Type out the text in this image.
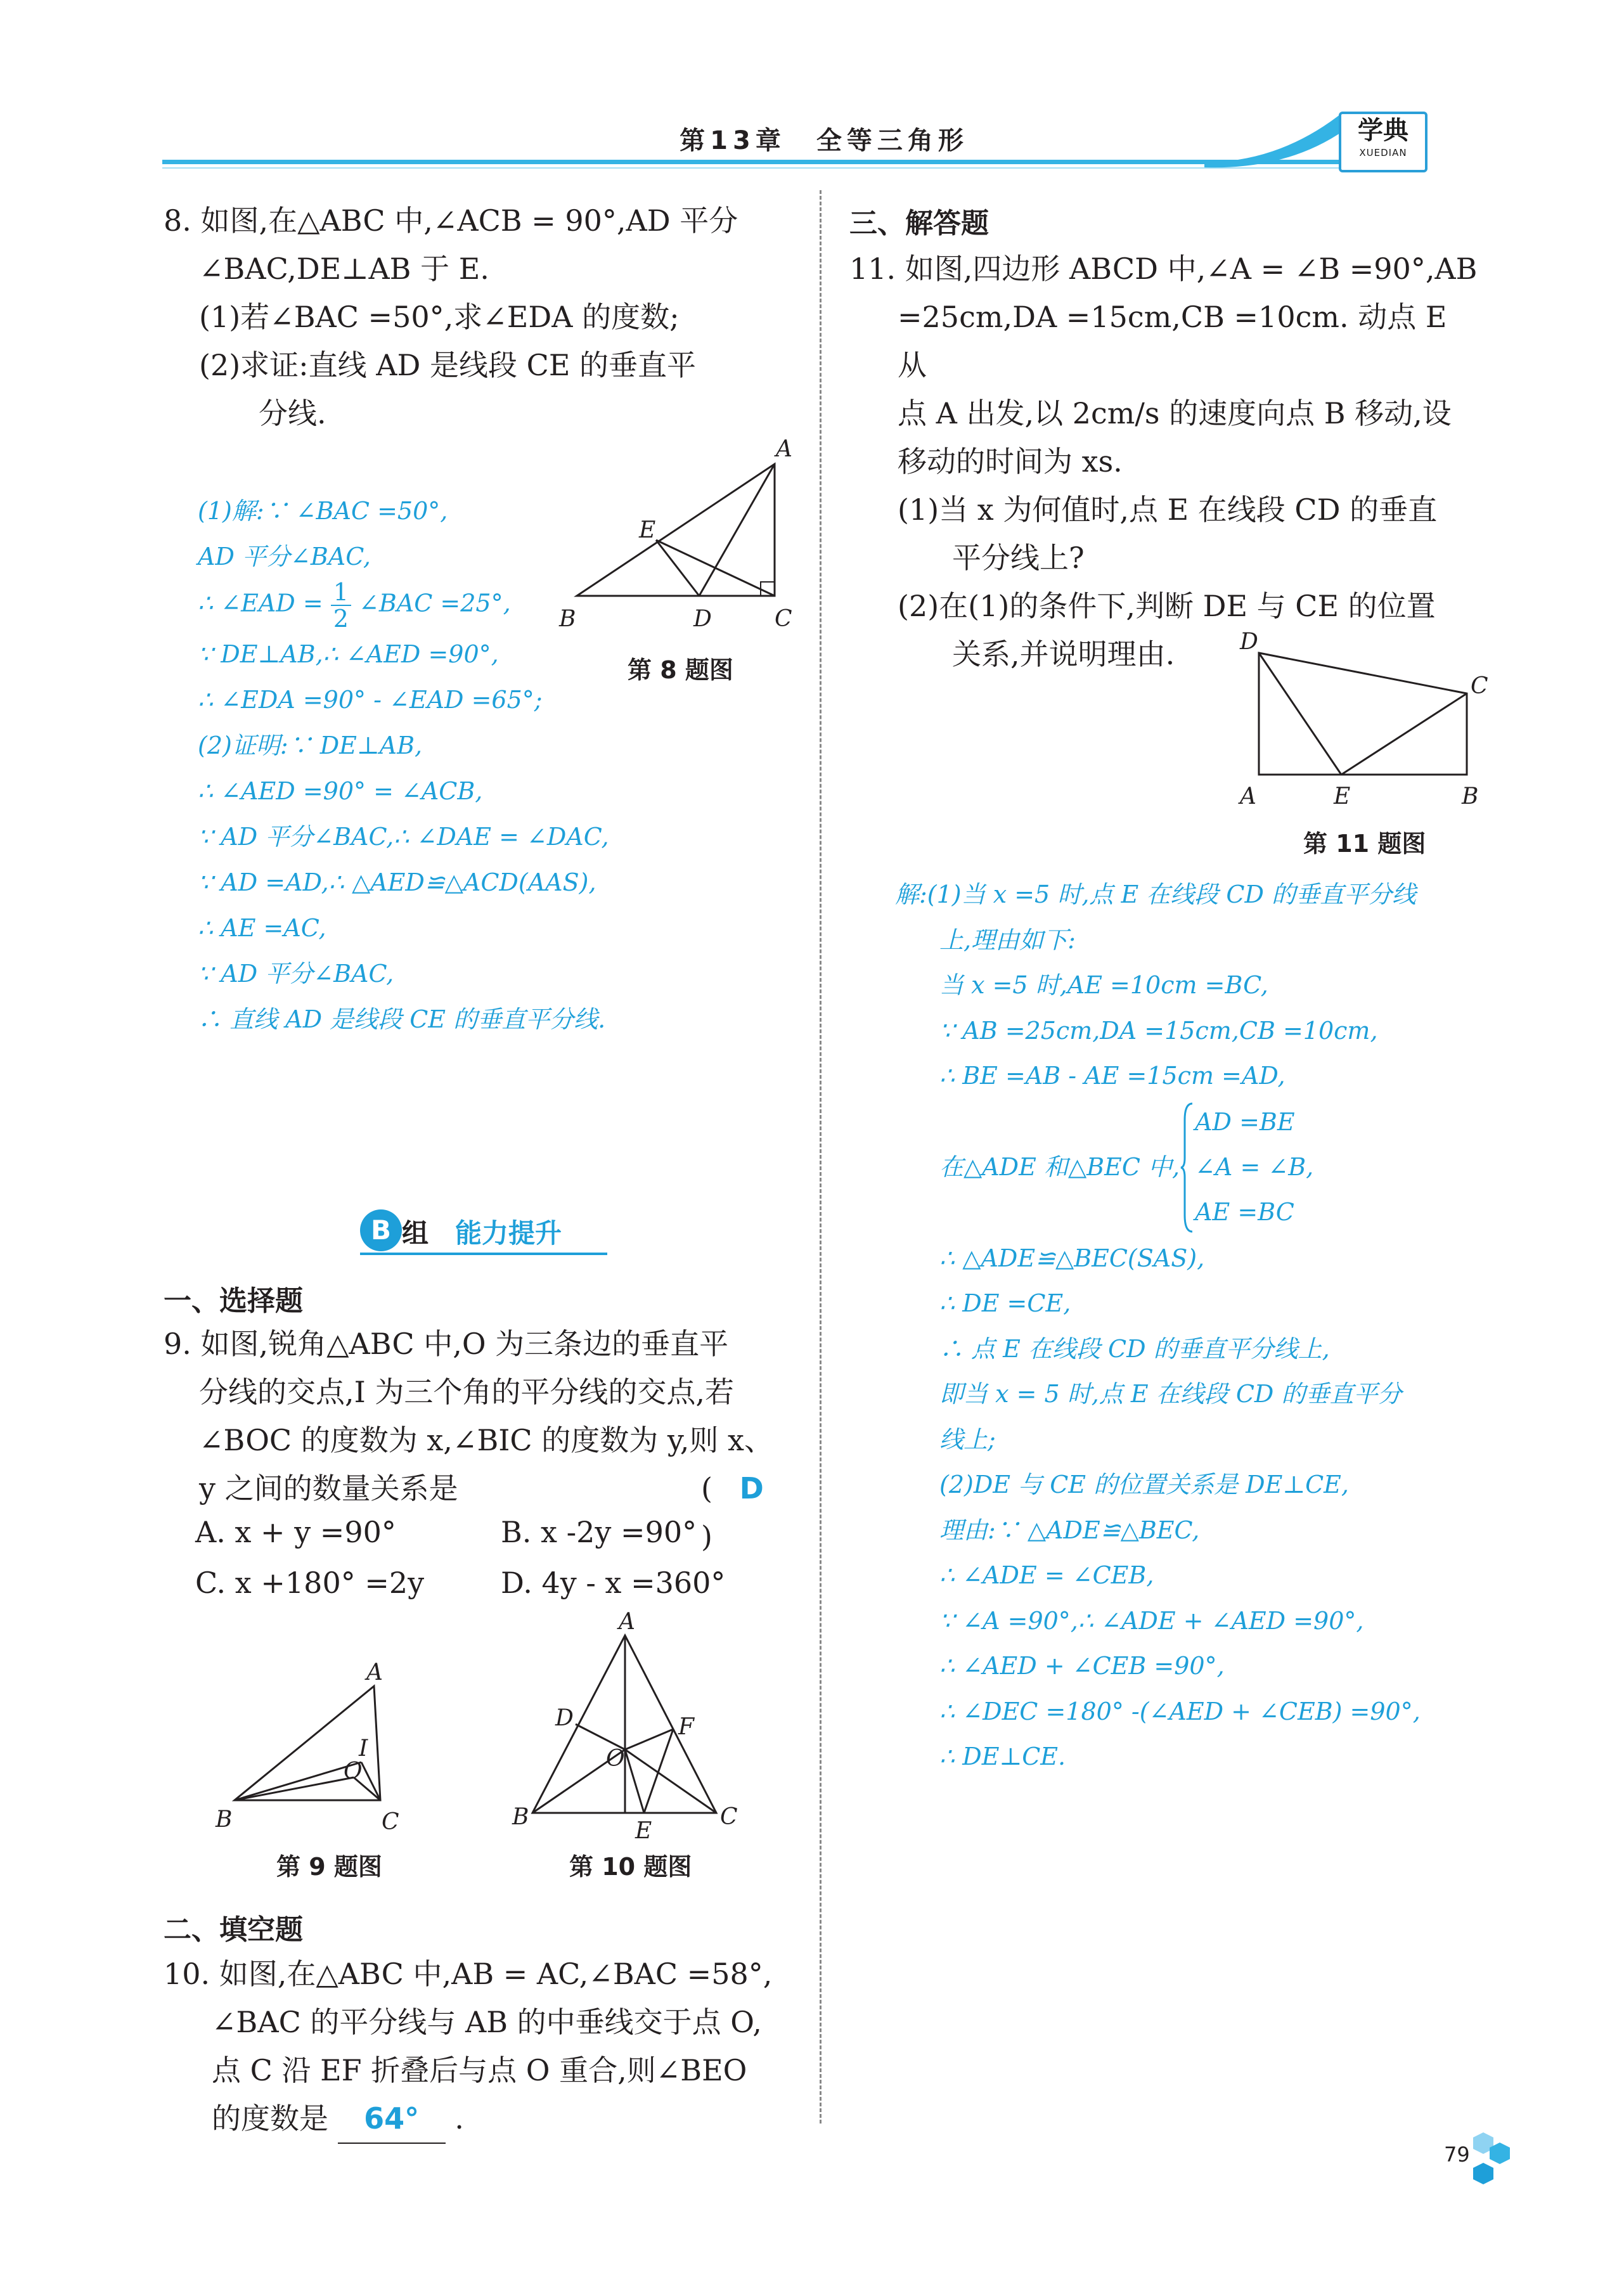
第13章　全等三角形	学典
XUEDIAN
8. 如图,在△ABC 中,∠ACB = 90°,AD 平分
∠BAC,DE⊥AB 于 E.
(1)若∠BAC =50°,求∠EDA 的度数;
(2)求证:直线 AD 是线段 CE 的垂直平
分线.
(1)解:∵ ∠BAC =50°,
AD 平分∠BAC,
∴ ∠EAD = $\frac{1}{2}$ ∠BAC =25°,
∵ DE⊥AB,∴ ∠AED =90°,
∴ ∠EDA =90° - ∠EAD =65°;
(2)证明:∵ DE⊥AB,
∴ ∠AED =90° = ∠ACB,
∵ AD 平分∠BAC,∴ ∠DAE = ∠DAC,
∵ AD =AD,∴ △AED≌△ACD(AAS),
∴ AE =AC,
∵ AD 平分∠BAC,
∴ 直线 AD 是线段 CE 的垂直平分线.
A
B	C
D
E
第 8 题图
B 组 能力提升
一、选择题
9. 如图,锐角△ABC 中,O 为三条边的垂直平
分线的交点,I 为三个角的平分线的交点,若
∠BOC 的度数为 x,∠BIC 的度数为 y,则 x、
y 之间的数量关系是	( D )
A. x + y =90°	B. x -2y =90°
C. x +180° =2y	D. 4y - x =360°
A
B	C
I
O
第 9 题图
A
B	C
D
E
F
O
第 10 题图
二、填空题
10. 如图,在△ABC 中,AB = AC,∠BAC =58°,
∠BAC 的平分线与 AB 的中垂线交于点 O,
点 C 沿 EF 折叠后与点 O 重合,则∠BEO
的度数是 64° .
三、解答题
11. 如图,四边形 ABCD 中,∠A = ∠B =90°,AB
=25cm,DA =15cm,CB =10cm. 动点 E 从
点 A 出发,以 2cm/s 的速度向点 B 移动,设
移动的时间为 xs.
(1)当 x 为何值时,点 E 在线段 CD 的垂直
平分线上?
(2)在(1)的条件下,判断 DE 与 CE 的位置
关系,并说明理由.	D
C
A	E	B
第 11 题图
解:(1)当 x =5 时,点 E 在线段 CD 的垂直平分线
上,理由如下:
当 x =5 时,AE =10cm =BC,
∵ AB =25cm,DA =15cm,CB =10cm,
∴ BE =AB - AE =15cm =AD,
在△ADE 和△BEC 中,
AD =BE
∠A = ∠B,
AE =BC
∴ △ADE≌△BEC(SAS),
∴ DE =CE,
∴ 点 E 在线段 CD 的垂直平分线上,
即当 x = 5 时,点 E 在线段 CD 的垂直平分
线上;
(2)DE 与 CE 的位置关系是 DE⊥CE,
理由:∵ △ADE≌△BEC,
∴ ∠ADE = ∠CEB,
∵ ∠A =90°,∴ ∠ADE + ∠AED =90°,
∴ ∠AED + ∠CEB =90°,
∴ ∠DEC =180° -(∠AED + ∠CEB) =90°,
∴ DE⊥CE.
79
